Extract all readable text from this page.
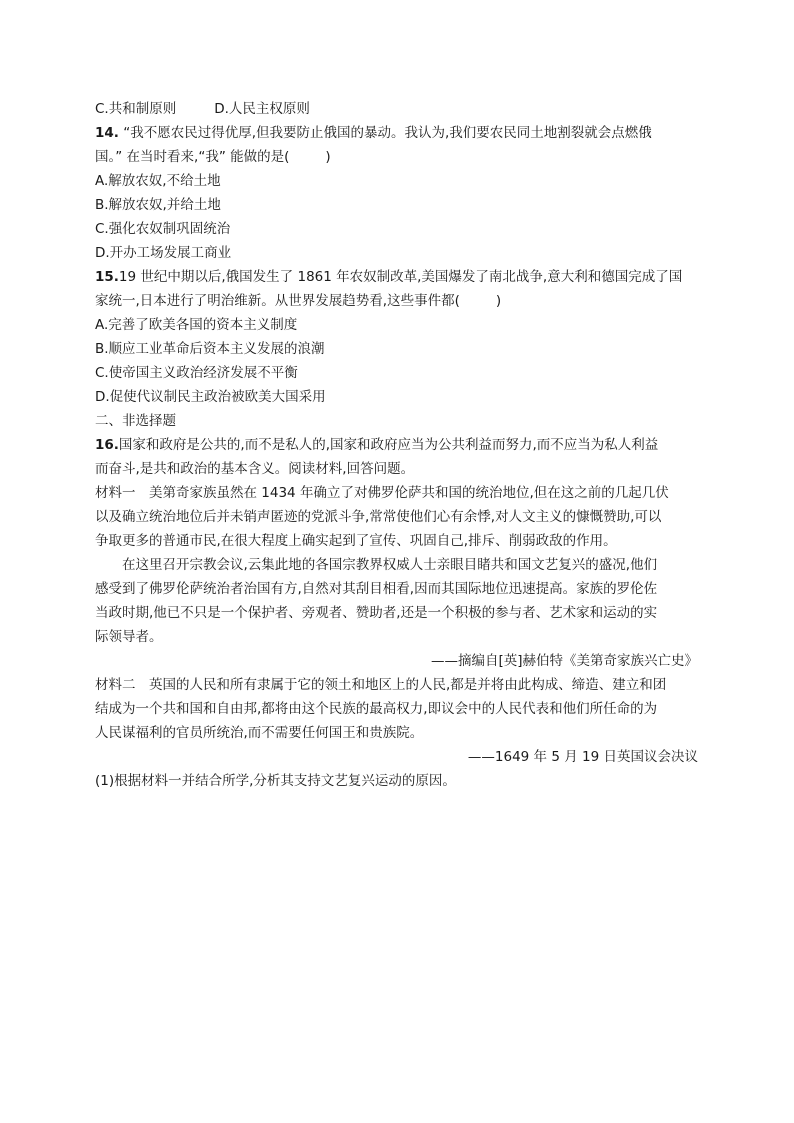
C.共和制原则	D.人民主权原则
14. “我不愿农民过得优厚,但我要防止俄国的暴动。我认为,我们要农民同土地割裂就会点燃俄
国。” 在当时看来,“我” 能做的是(	)
A.解放农奴,不给土地
B.解放农奴,并给土地
C.强化农奴制巩固统治
D.开办工场发展工商业
15.19 世纪中期以后,俄国发生了 1861 年农奴制改革,美国爆发了南北战争,意大利和德国完成了国
家统一,日本进行了明治维新。从世界发展趋势看,这些事件都(	)
A.完善了欧美各国的资本主义制度
B.顺应工业革命后资本主义发展的浪潮
C.使帝国主义政治经济发展不平衡
D.促使代议制民主政治被欧美大国采用
二、非选择题
16.国家和政府是公共的,而不是私人的,国家和政府应当为公共利益而努力,而不应当为私人利益
而奋斗,是共和政治的基本含义。阅读材料,回答问题。
材料一　美第奇家族虽然在 1434 年确立了对佛罗伦萨共和国的统治地位,但在这之前的几起几伏
以及确立统治地位后并未销声匿迹的党派斗争,常常使他们心有余悸,对人文主义的慷慨赞助,可以
争取更多的普通市民,在很大程度上确实起到了宣传、巩固自己,排斥、削弱政敌的作用。
在这里召开宗教会议,云集此地的各国宗教界权威人士亲眼目睹共和国文艺复兴的盛况,他们
感受到了佛罗伦萨统治者治国有方,自然对其刮目相看,因而其国际地位迅速提高。家族的罗伦佐
当政时期,他已不只是一个保护者、旁观者、赞助者,还是一个积极的参与者、艺术家和运动的实
际领导者。
——摘编自[英]赫伯特《美第奇家族兴亡史》
材料二　英国的人民和所有隶属于它的领土和地区上的人民,都是并将由此构成、缔造、建立和团
结成为一个共和国和自由邦,都将由这个民族的最高权力,即议会中的人民代表和他们所任命的为
人民谋福利的官员所统治,而不需要任何国王和贵族院。
——1649 年 5 月 19 日英国议会决议
(1)根据材料一并结合所学,分析其支持文艺复兴运动的原因。
